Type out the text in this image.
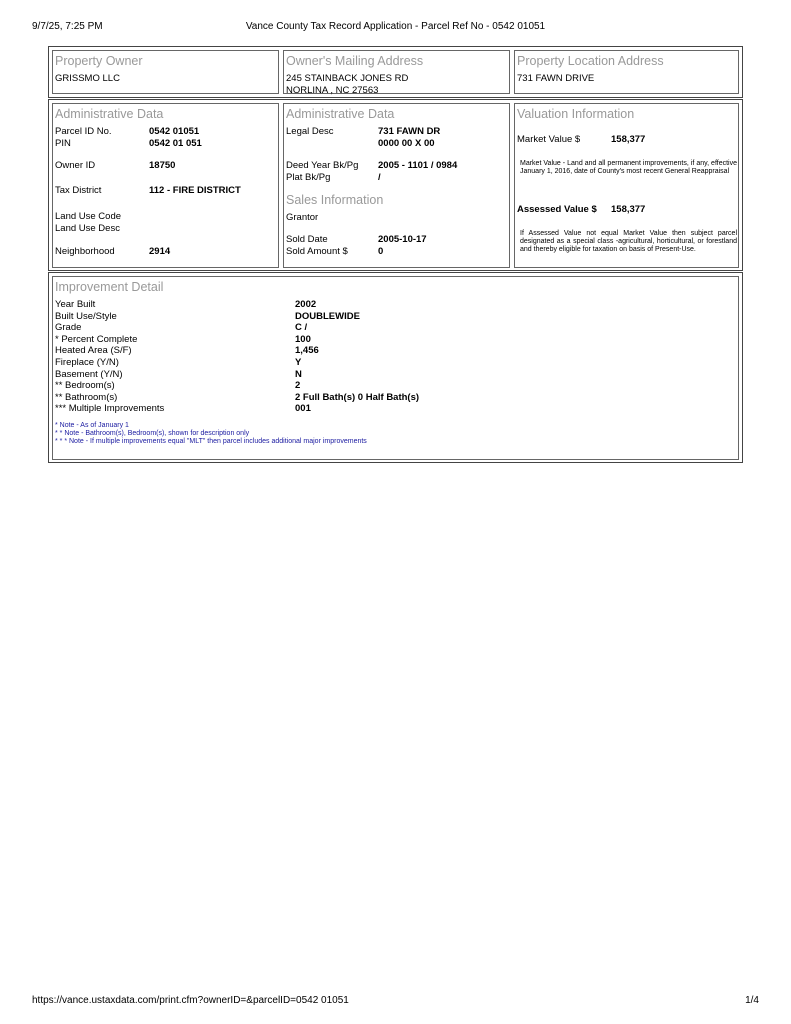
Vance County Tax Record Application - Parcel Ref No - 0542 01051
9/7/25, 7:25 PM
Property Owner
GRISSMO LLC
Owner's Mailing Address
245 STAINBACK JONES RD
NORLINA , NC 27563
Property Location Address
731 FAWN DRIVE
Administrative Data
Parcel ID No.	0542 01051
PIN	0542 01 051
Owner ID	18750
Tax District	112 - FIRE DISTRICT
Land Use Code
Land Use Desc
Neighborhood	2914
Administrative Data
Legal Desc	731 FAWN DR
0000 00 X 00
Deed Year Bk/Pg 2005 - 1101 / 0984
Plat Bk/Pg	/
Sales Information
Grantor
Sold Date	2005-10-17
Sold Amount $	0
Valuation Information
Market Value $	158,377
Market Value - Land and all permanent improvements, if any, effective January 1, 2016, date of County's most recent General Reappraisal
Assessed Value $ 158,377
If Assessed Value not equal Market Value then subject parcel designated as a special class -agricultural, horticultural, or forestland and thereby eligible for taxation on basis of Present-Use.
Improvement Detail
Year Built	2002
Built Use/Style	DOUBLEWIDE
Grade	C /
* Percent Complete	100
Heated Area (S/F)	1,456
Fireplace (Y/N)	Y
Basement (Y/N)	N
** Bedroom(s)	2
** Bathroom(s)	2 Full Bath(s) 0 Half Bath(s)
*** Multiple Improvements	001
* Note - As of January 1
* * Note - Bathroom(s), Bedroom(s), shown for description only
* * * Note - If multiple improvements equal "MLT" then parcel includes additional major improvements
https://vance.ustaxdata.com/print.cfm?ownerID=&parcelID=0542 01051	1/4
